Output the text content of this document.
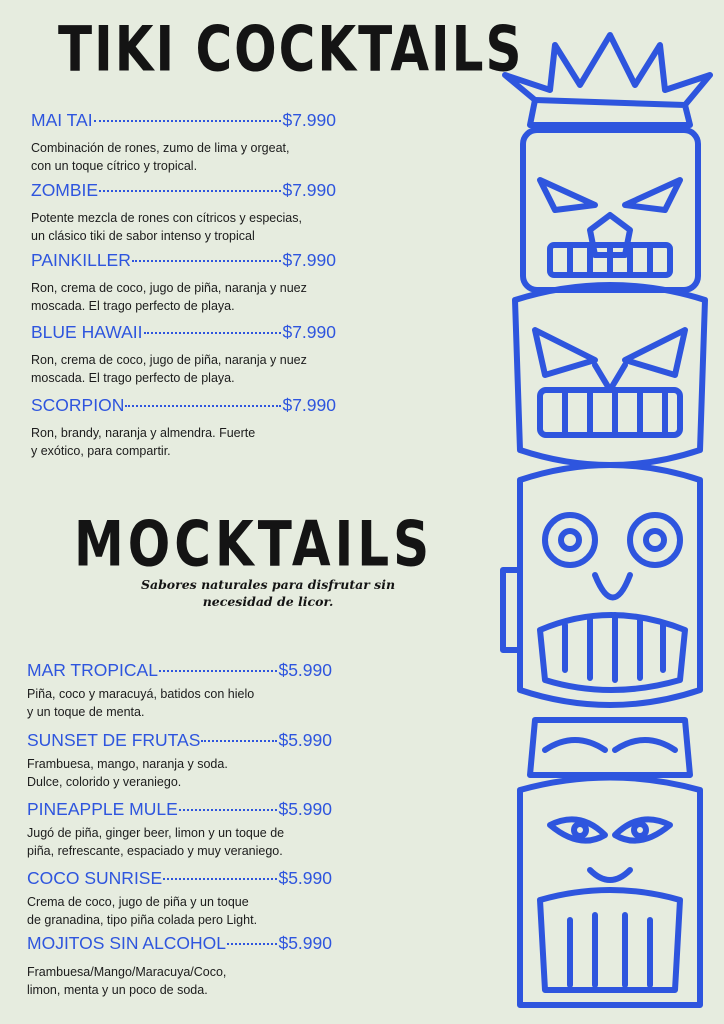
TIKI COCKTAILS
MAI TAI	$7.990
Combinación de rones, zumo de lima y orgeat,
con un toque cítrico y tropical.
ZOMBIE	$7.990
Potente mezcla de rones con cítricos y especias,
un clásico tiki de sabor intenso y tropical
PAINKILLER	$7.990
Ron, crema de coco, jugo de piña, naranja y nuez
moscada. El trago perfecto de playa.
BLUE HAWAII	$7.990
Ron, crema de coco, jugo de piña, naranja y nuez
moscada. El trago perfecto de playa.
SCORPION	$7.990
Ron, brandy, naranja y almendra. Fuerte
y exótico, para compartir.
MOCKTAILS
Sabores naturales para disfrutar sin
necesidad de licor.
MAR TROPICAL	$5.990
Piña, coco y maracuyá, batidos con hielo
y un toque de menta.
SUNSET DE FRUTAS	$5.990
Frambuesa, mango, naranja y soda.
Dulce, colorido y veraniego.
PINEAPPLE MULE	$5.990
Jugó de piña, ginger beer, limon y un toque de
piña, refrescante, espaciado y muy veraniego.
COCO SUNRISE	$5.990
Crema de coco, jugo de piña y un toque
de granadina, tipo piña colada pero Light.
MOJITOS SIN ALCOHOL	$5.990
Frambuesa/Mango/Maracuya/Coco,
limon, menta y un poco de soda.
